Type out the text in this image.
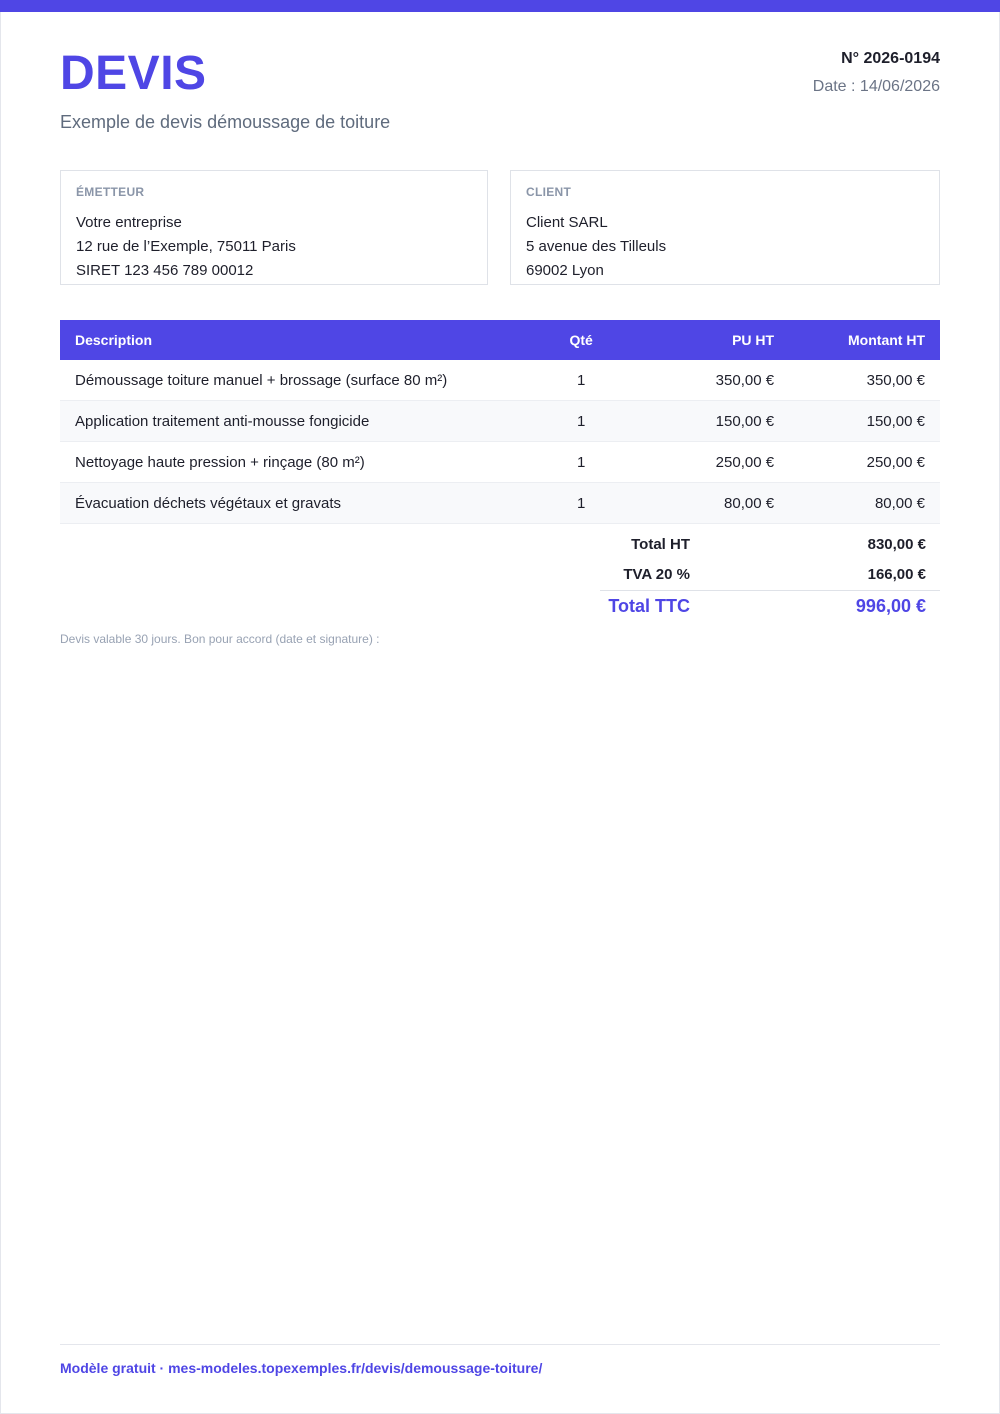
DEVIS
Exemple de devis démoussage de toiture
N° 2026-0194
Date : 14/06/2026
ÉMETTEUR
Votre entreprise
12 rue de l’Exemple, 75011 Paris
SIRET 123 456 789 00012
CLIENT
Client SARL
5 avenue des Tilleuls
69002 Lyon
Description	Qté	PU HT	Montant HT
Démoussage toiture manuel + brossage (surface 80 m²)	1	350,00 €	350,00 €
Application traitement anti-mousse fongicide	1	150,00 €	150,00 €
Nettoyage haute pression + rinçage (80 m²)	1	250,00 €	250,00 €
Évacuation déchets végétaux et gravats	1	80,00 €	80,00 €
Total HT	830,00 €
TVA 20 %	166,00 €
Total TTC	996,00 €
Devis valable 30 jours. Bon pour accord (date et signature) :
Modèle gratuit · mes-modeles.topexemples.fr/devis/demoussage-toiture/
